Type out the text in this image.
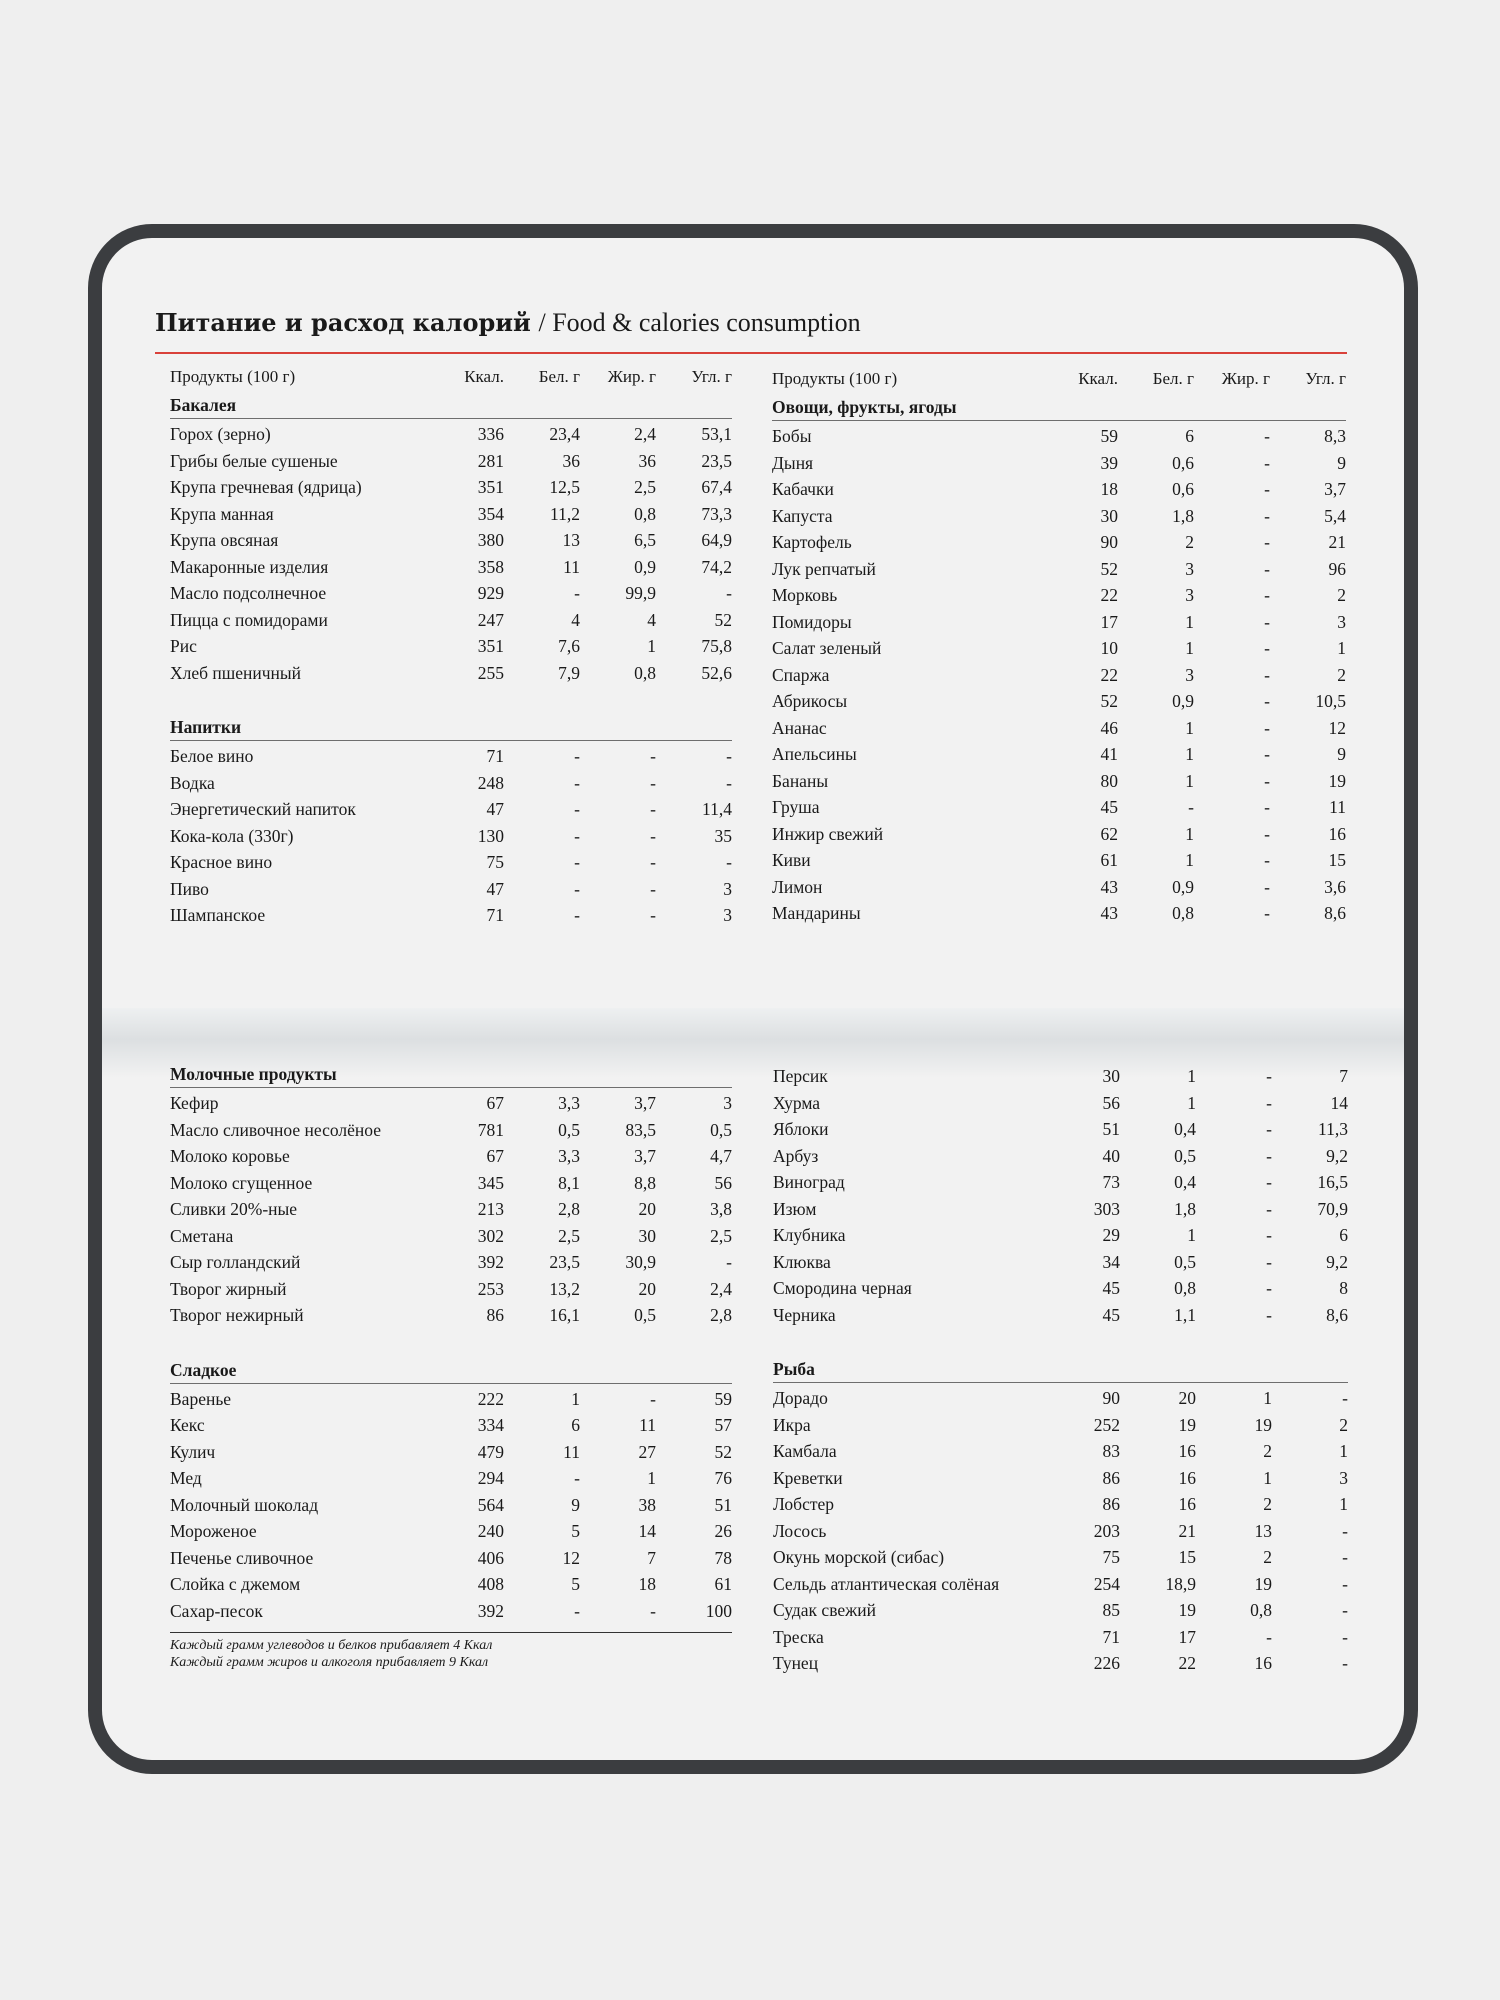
Питание и расход калорий / Food & calories consumption
Продукты (100 г)	Ккал.	Бел. г	Жир. г	Угл. г
Бакалея
Горох (зерно)	336	23,4	2,4	53,1
Грибы белые сушеные	281	36	36	23,5
Крупа гречневая (ядрица)	351	12,5	2,5	67,4
Крупа манная	354	11,2	0,8	73,3
Крупа овсяная	380	13	6,5	64,9
Макаронные изделия	358	11	0,9	74,2
Масло подсолнечное	929	-	99,9	-
Пицца с помидорами	247	4	4	52
Рис	351	7,6	1	75,8
Хлеб пшеничный	255	7,9	0,8	52,6
Напитки
Белое вино	71	-	-	-
Водка	248	-	-	-
Энергетический напиток	47	-	-	11,4
Кока-кола (330г)	130	-	-	35
Красное вино	75	-	-	-
Пиво	47	-	-	3
Шампанское	71	-	-	3
Продукты (100 г)	Ккал.	Бел. г	Жир. г	Угл. г
Овощи, фрукты, ягоды
Бобы	59	6	-	8,3
Дыня	39	0,6	-	9
Кабачки	18	0,6	-	3,7
Капуста	30	1,8	-	5,4
Картофель	90	2	-	21
Лук репчатый	52	3	-	96
Морковь	22	3	-	2
Помидоры	17	1	-	3
Салат зеленый	10	1	-	1
Спаржа	22	3	-	2
Абрикосы	52	0,9	-	10,5
Ананас	46	1	-	12
Апельсины	41	1	-	9
Бананы	80	1	-	19
Груша	45	-	-	11
Инжир свежий	62	1	-	16
Киви	61	1	-	15
Лимон	43	0,9	-	3,6
Мандарины	43	0,8	-	8,6
Молочные продукты
Кефир	67	3,3	3,7	3
Масло сливочное несолёное	781	0,5	83,5	0,5
Молоко коровье	67	3,3	3,7	4,7
Молоко сгущенное	345	8,1	8,8	56
Сливки 20%-ные	213	2,8	20	3,8
Сметана	302	2,5	30	2,5
Сыр голландский	392	23,5	30,9	-
Творог жирный	253	13,2	20	2,4
Творог нежирный	86	16,1	0,5	2,8
Сладкое
Варенье	222	1	-	59
Кекс	334	6	11	57
Кулич	479	11	27	52
Мед	294	-	1	76
Молочный шоколад	564	9	38	51
Мороженое	240	5	14	26
Печенье сливочное	406	12	7	78
Слойка с джемом	408	5	18	61
Сахар-песок	392	-	-	100
Каждый грамм углеводов и белков прибавляет 4 Ккал
Каждый грамм жиров и алкоголя прибавляет 9 Ккал
Персик	30	1	-	7
Хурма	56	1	-	14
Яблоки	51	0,4	-	11,3
Арбуз	40	0,5	-	9,2
Виноград	73	0,4	-	16,5
Изюм	303	1,8	-	70,9
Клубника	29	1	-	6
Клюква	34	0,5	-	9,2
Смородина черная	45	0,8	-	8
Черника	45	1,1	-	8,6
Рыба
Дорадо	90	20	1	-
Икра	252	19	19	2
Камбала	83	16	2	1
Креветки	86	16	1	3
Лобстер	86	16	2	1
Лосось	203	21	13	-
Окунь морской (сибас)	75	15	2	-
Сельдь атлантическая солёная	254	18,9	19	-
Судак свежий	85	19	0,8	-
Треска	71	17	-	-
Тунец	226	22	16	-
